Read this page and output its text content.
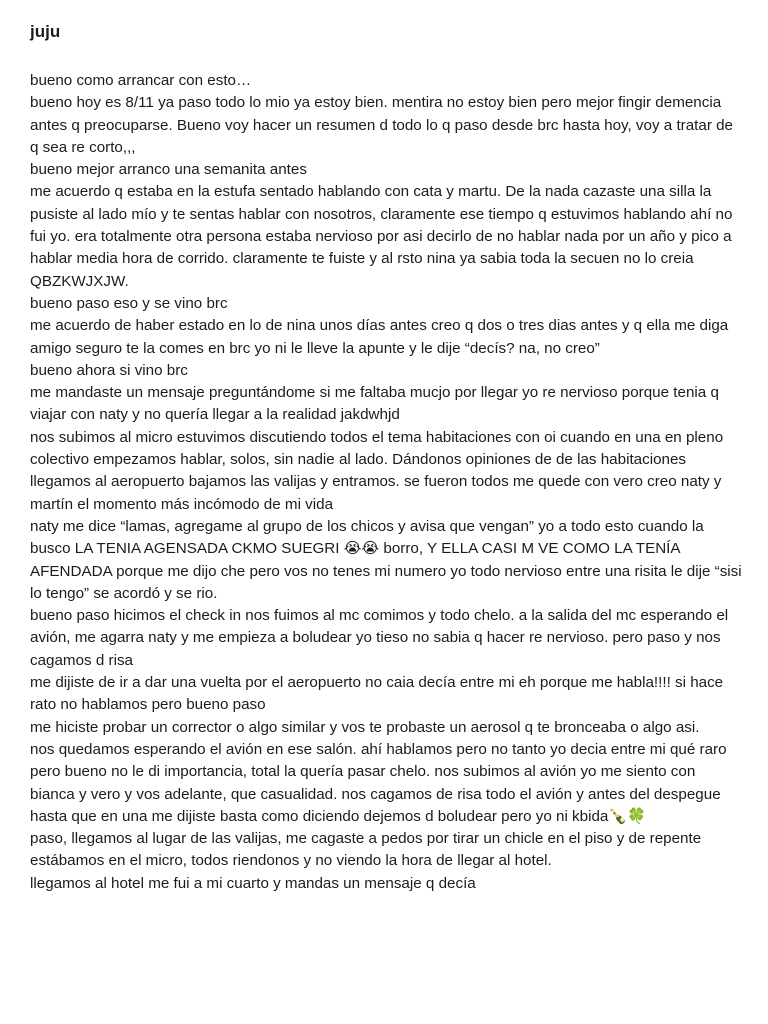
juju

bueno como arrancar con esto…

bueno hoy es 8/11 ya paso todo lo mio ya estoy bien. mentira no estoy bien pero mejor fingir demencia antes q preocuparse. Bueno voy hacer un resumen d todo lo q paso desde brc hasta hoy, voy a tratar de q sea re corto,,,

bueno mejor arranco una semanita antes

me acuerdo q estaba en la estufa sentado hablando con cata y martu. De la nada cazaste una silla la pusiste al lado mío y te sentas hablar con nosotros, claramente ese tiempo q estuvimos hablando ahí no fui yo. era totalmente otra persona estaba nervioso por asi decirlo de no hablar nada por un año y pico a hablar media hora de corrido. claramente te fuiste y al rsto nina ya sabia toda la secuen no lo creia QBZKWJXJW.

bueno paso eso y se vino brc

me acuerdo de haber estado en lo de nina unos días antes creo q dos o tres dias antes y q ella me diga amigo seguro te la comes en brc yo ni le lleve la apunte y le dije “decís? na, no creo”

bueno ahora si vino brc

me mandaste un mensaje preguntándome si me faltaba mucjo por llegar yo re nervioso porque tenia q viajar con naty y no quería llegar a la realidad jakdwhjd

nos subimos al micro estuvimos discutiendo todos el tema habitaciones con oi cuando en una en pleno colectivo empezamos hablar, solos, sin nadie al lado. Dándonos opiniones de de las habitaciones

llegamos al aeropuerto bajamos las valijas y entramos. se fueron todos me quede con vero creo naty y martín el momento más incómodo de mi vida

naty me dice “lamas, agregame al grupo de los chicos y avisa que vengan” yo a todo esto cuando la busco LA TENIA AGENSADA CKMO SUEGRI 😭😭 borro, Y ELLA CASI M VE COMO LA TENÍA AFENDADA porque me dijo che pero vos no tenes mi numero yo todo nervioso entre una risita le dije “sisi lo tengo” se acordó y se rio.

bueno paso hicimos el check in nos fuimos al mc comimos y todo chelo. a la salida del mc esperando el avión, me agarra naty y me empieza a boludear yo tieso no sabia q hacer re nervioso. pero paso y nos cagamos d risa

me dijiste de ir a dar una vuelta por el aeropuerto no caia decía entre mi eh porque me habla!!!! si hace rato no hablamos pero bueno paso

me hiciste probar un corrector o algo similar y vos te probaste un aerosol q te bronceaba o algo asi.

nos quedamos esperando el avión en ese salón. ahí hablamos pero no tanto yo decia entre mi qué raro pero bueno no le di importancia, total la quería pasar chelo. nos subimos al avión yo me siento con bianca y vero y vos adelante, que casualidad. nos cagamos de risa todo el avión y antes del despegue hasta que en una me dijiste basta como diciendo dejemos d boludear pero yo ni kbida🍾🍀

paso, llegamos al lugar de las valijas, me cagaste a pedos por tirar un chicle en el piso y de repente estábamos en el micro, todos riendonos y no viendo la hora de llegar al hotel.

llegamos al hotel me fui a mi cuarto y mandas un mensaje q decía
